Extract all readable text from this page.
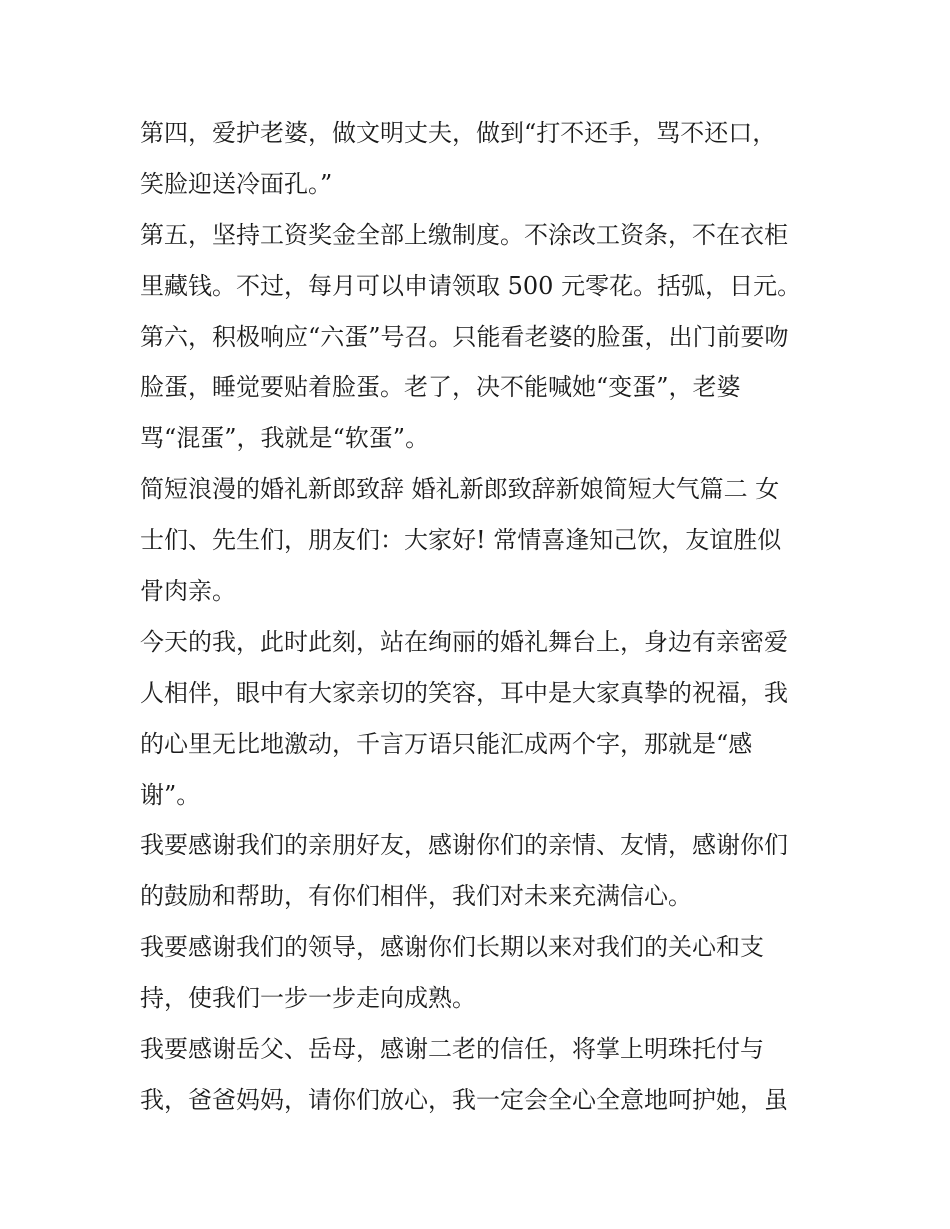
第四，爱护老婆，做文明丈夫，做到“打不还手，骂不还口，
笑脸迎送冷面孔。”
第五，坚持工资奖金全部上缴制度。不涂改工资条，不在衣柜
里藏钱。不过，每月可以申请领取 500 元零花。括弧，日元。
第六，积极响应“六蛋”号召。只能看老婆的脸蛋，出门前要吻
脸蛋，睡觉要贴着脸蛋。老了，决不能喊她“变蛋”，老婆
骂“混蛋”，我就是“软蛋”。
简短浪漫的婚礼新郎致辞 婚礼新郎致辞新娘简短大气篇二 女
士们、先生们，朋友们：大家好! 常情喜逢知己饮，友谊胜似
骨肉亲。
今天的我，此时此刻，站在绚丽的婚礼舞台上，身边有亲密爱
人相伴，眼中有大家亲切的笑容，耳中是大家真挚的祝福，我
的心里无比地激动，千言万语只能汇成两个字，那就是“感
谢”。
我要感谢我们的亲朋好友，感谢你们的亲情、友情，感谢你们
的鼓励和帮助，有你们相伴，我们对未来充满信心。
我要感谢我们的领导，感谢你们长期以来对我们的关心和支
持，使我们一步一步走向成熟。
我要感谢岳父、岳母，感谢二老的信任，将掌上明珠托付与
我，爸爸妈妈，请你们放心，我一定会全心全意地呵护她，虽
